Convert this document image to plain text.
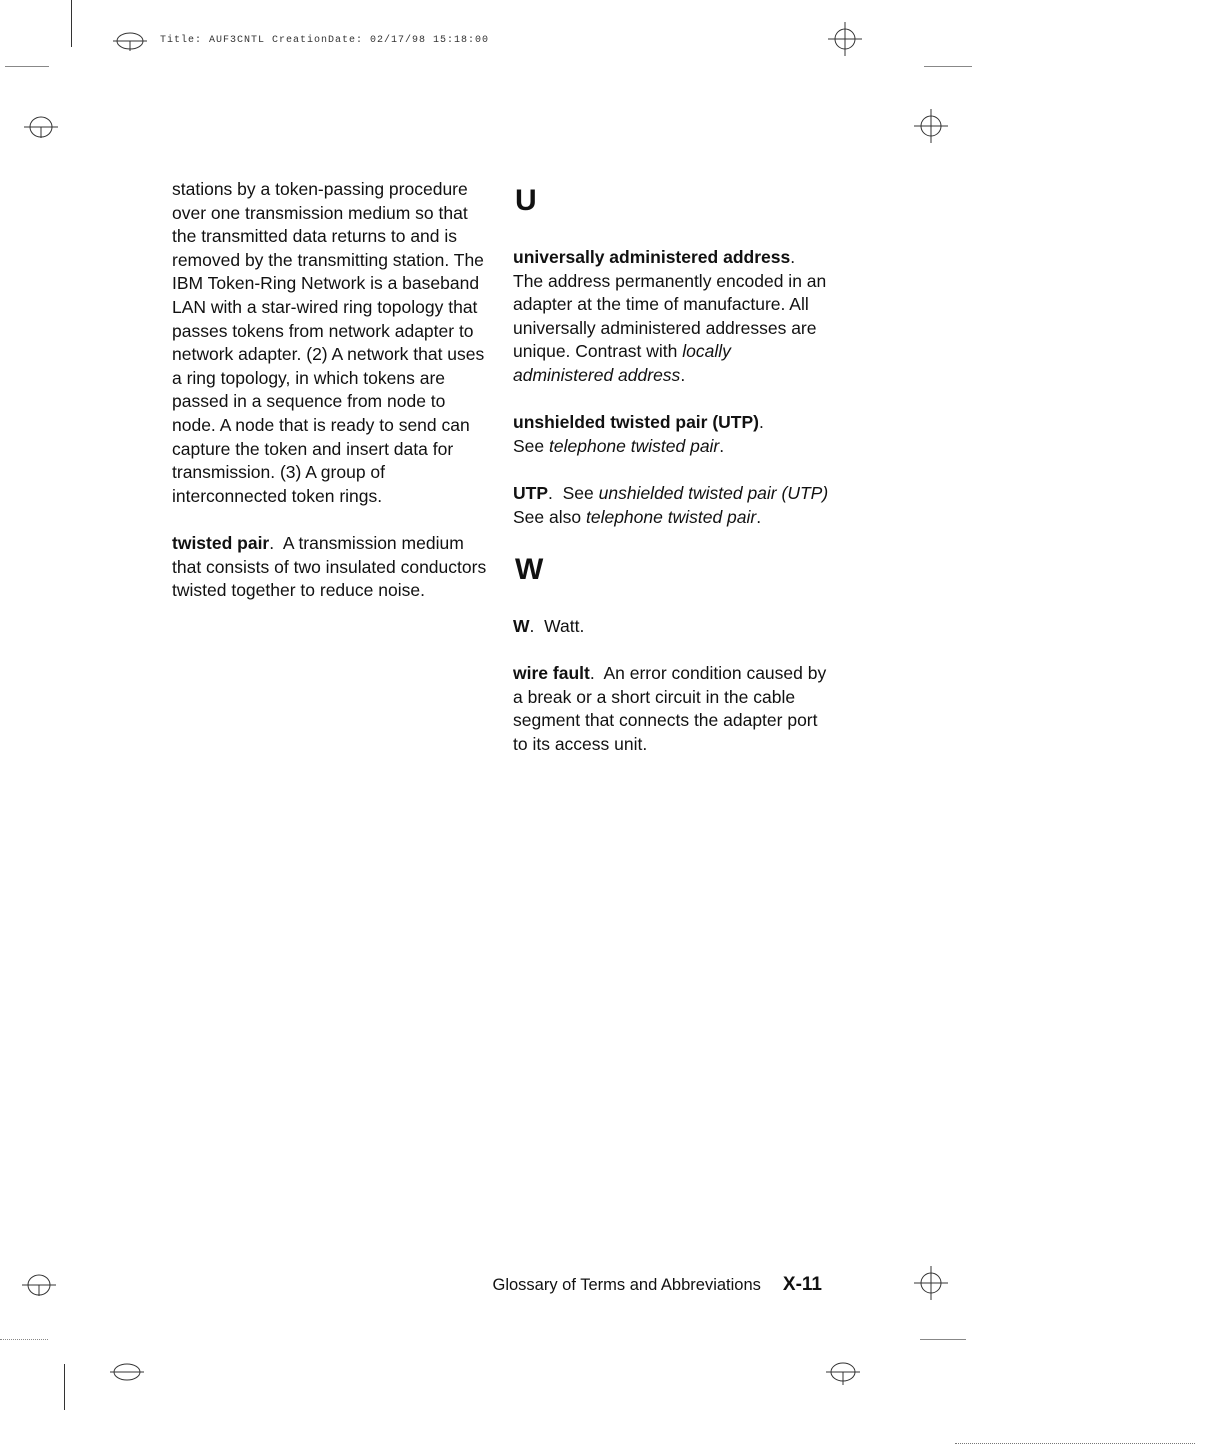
Title: AUF3CNTL CreationDate: 02/17/98 15:18:00

stations by a token-passing procedure over one transmission medium so that the transmitted data returns to and is removed by the transmitting station. The IBM Token-Ring Network is a baseband LAN with a star-wired ring topology that passes tokens from network adapter to network adapter. (2) A network that uses a ring topology, in which tokens are passed in a sequence from node to node. A node that is ready to send can capture the token and insert data for transmission. (3) A group of interconnected token rings.

twisted pair.  A transmission medium that consists of two insulated conductors twisted together to reduce noise.

U

universally administered address.  The address permanently encoded in an adapter at the time of manufacture. All universally administered addresses are unique. Contrast with locally administered address.

unshielded twisted pair (UTP).
See telephone twisted pair.

UTP.  See unshielded twisted pair (UTP) See also telephone twisted pair.

W

W.  Watt.

wire fault.  An error condition caused by a break or a short circuit in the cable segment that connects the adapter port to its access unit.

Glossary of Terms and Abbreviations X-11
